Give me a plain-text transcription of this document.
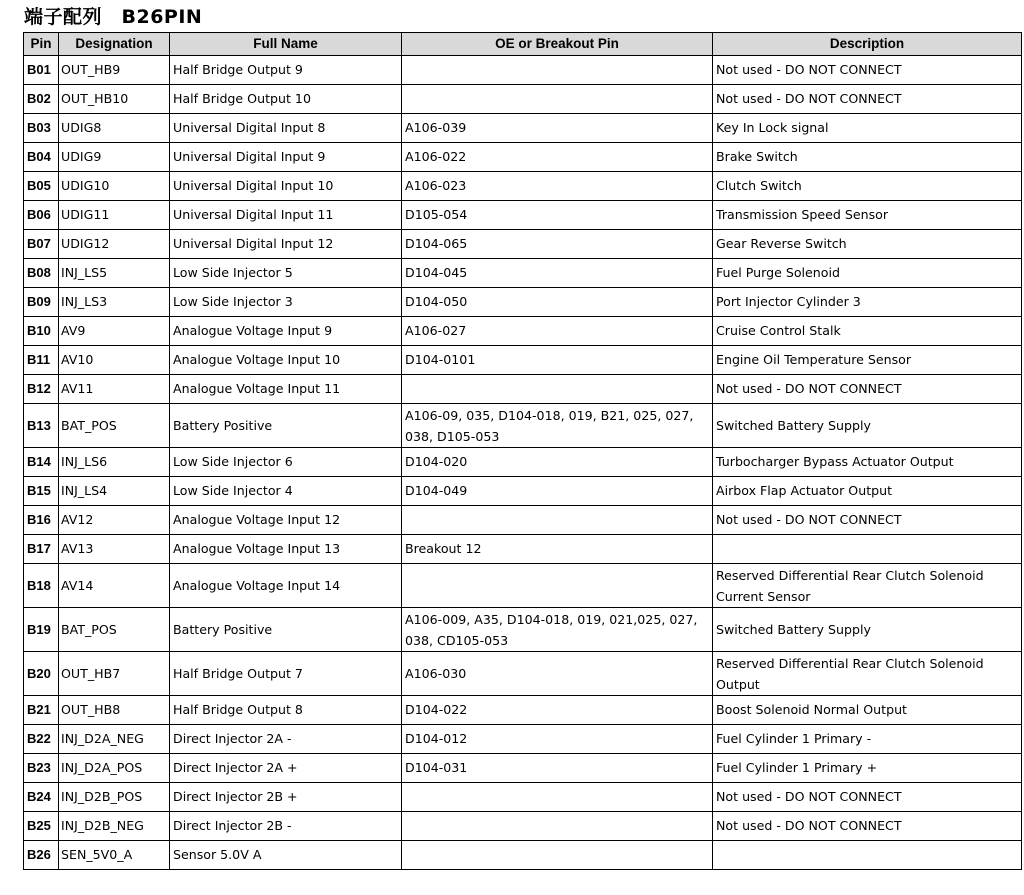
端子配列　B26PIN
Pin	Designation	Full Name	OE or Breakout Pin	Description
B01	OUT_HB9	Half Bridge Output 9		Not used - DO NOT CONNECT
B02	OUT_HB10	Half Bridge Output 10		Not used - DO NOT CONNECT
B03	UDIG8	Universal Digital Input 8	A106-039	Key In Lock signal
B04	UDIG9	Universal Digital Input 9	A106-022	Brake Switch
B05	UDIG10	Universal Digital Input 10	A106-023	Clutch Switch
B06	UDIG11	Universal Digital Input 11	D105-054	Transmission Speed Sensor
B07	UDIG12	Universal Digital Input 12	D104-065	Gear Reverse Switch
B08	INJ_LS5	Low Side Injector 5	D104-045	Fuel Purge Solenoid
B09	INJ_LS3	Low Side Injector 3	D104-050	Port Injector Cylinder 3
B10	AV9	Analogue Voltage Input 9	A106-027	Cruise Control Stalk
B11	AV10	Analogue Voltage Input 10	D104-0101	Engine Oil Temperature Sensor
B12	AV11	Analogue Voltage Input 11		Not used - DO NOT CONNECT
B13	BAT_POS	Battery Positive	A106-09, 035, D104-018, 019, B21, 025, 027, 038, D105-053	Switched Battery Supply
B14	INJ_LS6	Low Side Injector 6	D104-020	Turbocharger Bypass Actuator Output
B15	INJ_LS4	Low Side Injector 4	D104-049	Airbox Flap Actuator Output
B16	AV12	Analogue Voltage Input 12		Not used - DO NOT CONNECT
B17	AV13	Analogue Voltage Input 13	Breakout 12	
B18	AV14	Analogue Voltage Input 14		Reserved Differential Rear Clutch Solenoid Current Sensor
B19	BAT_POS	Battery Positive	A106-009, A35, D104-018, 019, 021,025, 027, 038, CD105-053	Switched Battery Supply
B20	OUT_HB7	Half Bridge Output 7	A106-030	Reserved Differential Rear Clutch Solenoid Output
B21	OUT_HB8	Half Bridge Output 8	D104-022	Boost Solenoid Normal Output
B22	INJ_D2A_NEG	Direct Injector 2A -	D104-012	Fuel Cylinder 1 Primary -
B23	INJ_D2A_POS	Direct Injector 2A +	D104-031	Fuel Cylinder 1 Primary +
B24	INJ_D2B_POS	Direct Injector 2B +		Not used - DO NOT CONNECT
B25	INJ_D2B_NEG	Direct Injector 2B -		Not used - DO NOT CONNECT
B26	SEN_5V0_A	Sensor 5.0V A		
